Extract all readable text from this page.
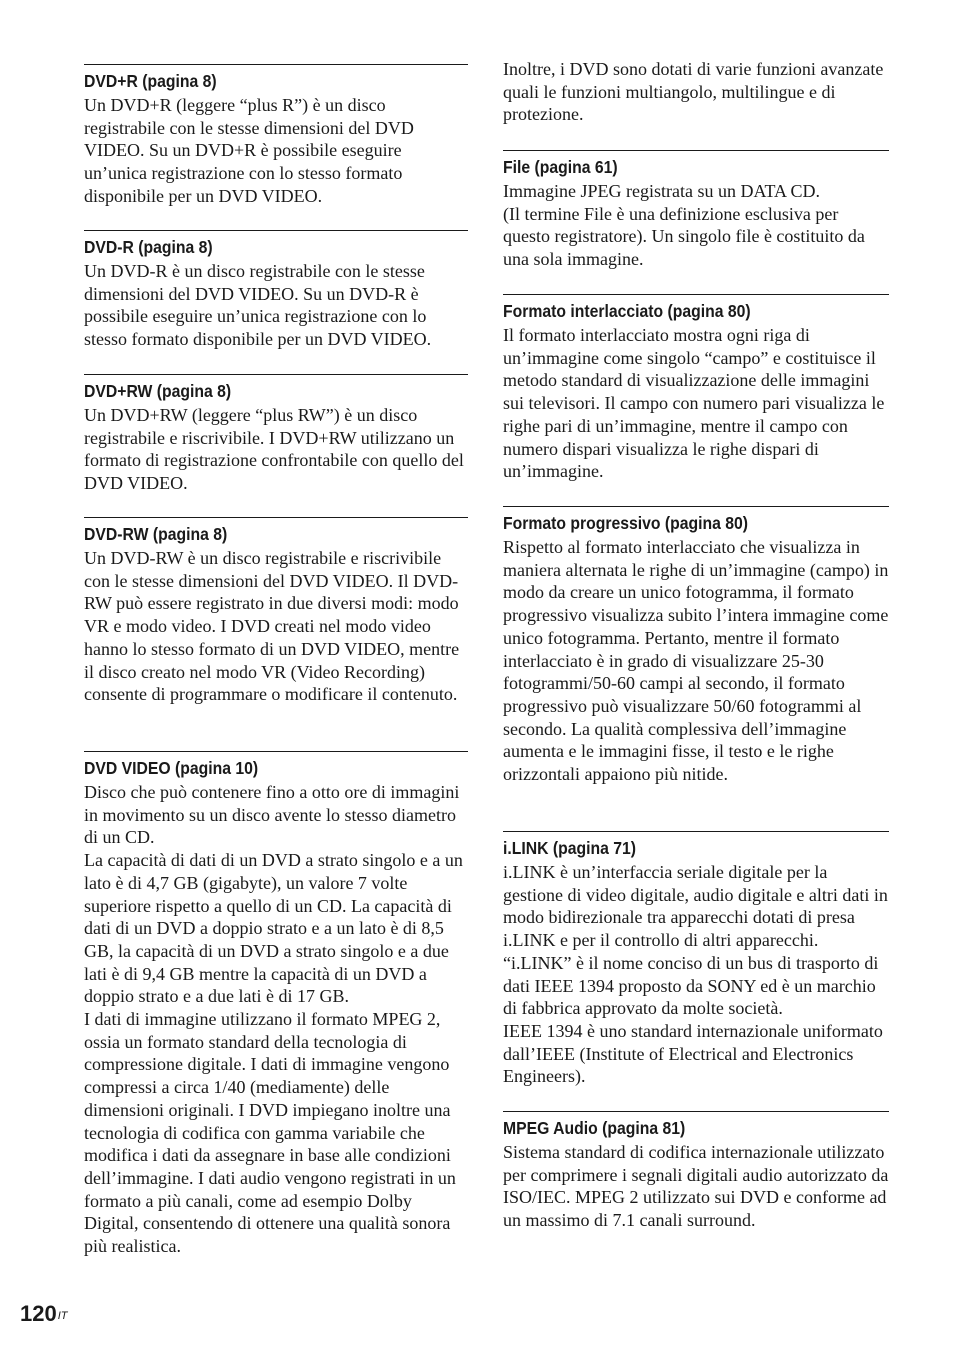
DVD+R (pagina 8)

Un DVD+R (leggere “plus R”) è un disco registrabile con le stesse dimensioni del DVD VIDEO. Su un DVD+R è possibile eseguire un’unica registrazione con lo stesso formato disponibile per un DVD VIDEO.

DVD-R (pagina 8)

Un DVD-R è un disco registrabile con le stesse dimensioni del DVD VIDEO. Su un DVD-R è possibile eseguire un’unica registrazione con lo stesso formato disponibile per un DVD VIDEO.

DVD+RW (pagina 8)

Un DVD+RW (leggere “plus RW”) è un disco registrabile e riscrivibile. I DVD+RW utilizzano un formato di registrazione confrontabile con quello del DVD VIDEO.

DVD-RW (pagina 8)

Un DVD-RW è un disco registrabile e riscrivibile con le stesse dimensioni del DVD VIDEO. Il DVD-RW può essere registrato in due diversi modi: modo VR e modo video. I DVD creati nel modo video hanno lo stesso formato di un DVD VIDEO, mentre il disco creato nel modo VR (Video Recording) consente di programmare o modificare il contenuto.

DVD VIDEO (pagina 10)

Disco che può contenere fino a otto ore di immagini in movimento su un disco avente lo stesso diametro di un CD.

La capacità di dati di un DVD a strato singolo e a un lato è di 4,7 GB (gigabyte), un valore 7 volte superiore rispetto a quello di un CD. La capacità di dati di un DVD a doppio strato e a un lato è di 8,5 GB, la capacità di un DVD a strato singolo e a due lati è di 9,4 GB mentre la capacità di un DVD a doppio strato e a due lati è di 17 GB.

I dati di immagine utilizzano il formato MPEG 2, ossia un formato standard della tecnologia di compressione digitale. I dati di immagine vengono compressi a circa 1/40 (mediamente) delle dimensioni originali. I DVD impiegano inoltre una tecnologia di codifica con gamma variabile che modifica i dati da assegnare in base alle condizioni dell’immagine. I dati audio vengono registrati in un formato a più canali, come ad esempio Dolby Digital, consentendo di ottenere una qualità sonora più realistica.

Inoltre, i DVD sono dotati di varie funzioni avanzate quali le funzioni multiangolo, multilingue e di protezione.
File (pagina 61)

Immagine JPEG registrata su un DATA CD.

(Il termine File è una definizione esclusiva per questo registratore). Un singolo file è costituito da una sola immagine.

Formato interlacciato (pagina 80)

Il formato interlacciato mostra ogni riga di un’immagine come singolo “campo” e costituisce il metodo standard di visualizzazione delle immagini sui televisori. Il campo con numero pari visualizza le righe pari di un’immagine, mentre il campo con numero dispari visualizza le righe dispari di un’immagine.

Formato progressivo (pagina 80)

Rispetto al formato interlacciato che visualizza in maniera alternata le righe di un’immagine (campo) in modo da creare un unico fotogramma, il formato progressivo visualizza subito l’intera immagine come unico fotogramma. Pertanto, mentre il formato interlacciato è in grado di visualizzare 25-30 fotogrammi/50-60 campi al secondo, il formato progressivo può visualizzare 50/60 fotogrammi al secondo. La qualità complessiva dell’immagine aumenta e le immagini fisse, il testo e le righe orizzontali appaiono più nitide.

i.LINK (pagina 71)

i.LINK è un’interfaccia seriale digitale per la gestione di video digitale, audio digitale e altri dati in modo bidirezionale tra apparecchi dotati di presa i.LINK e per il controllo di altri apparecchi.

“i.LINK” è il nome conciso di un bus di trasporto di dati IEEE 1394 proposto da SONY ed è un marchio di fabbrica approvato da molte società.

IEEE 1394 è uno standard internazionale uniformato dall’IEEE (Institute of Electrical and Electronics Engineers).

MPEG Audio (pagina 81)

Sistema standard di codifica internazionale utilizzato per comprimere i segnali digitali audio autorizzato da ISO/IEC. MPEG 2 utilizzato sui DVD e conforme ad un massimo di 7.1 canali surround.

$120^{IT}$
